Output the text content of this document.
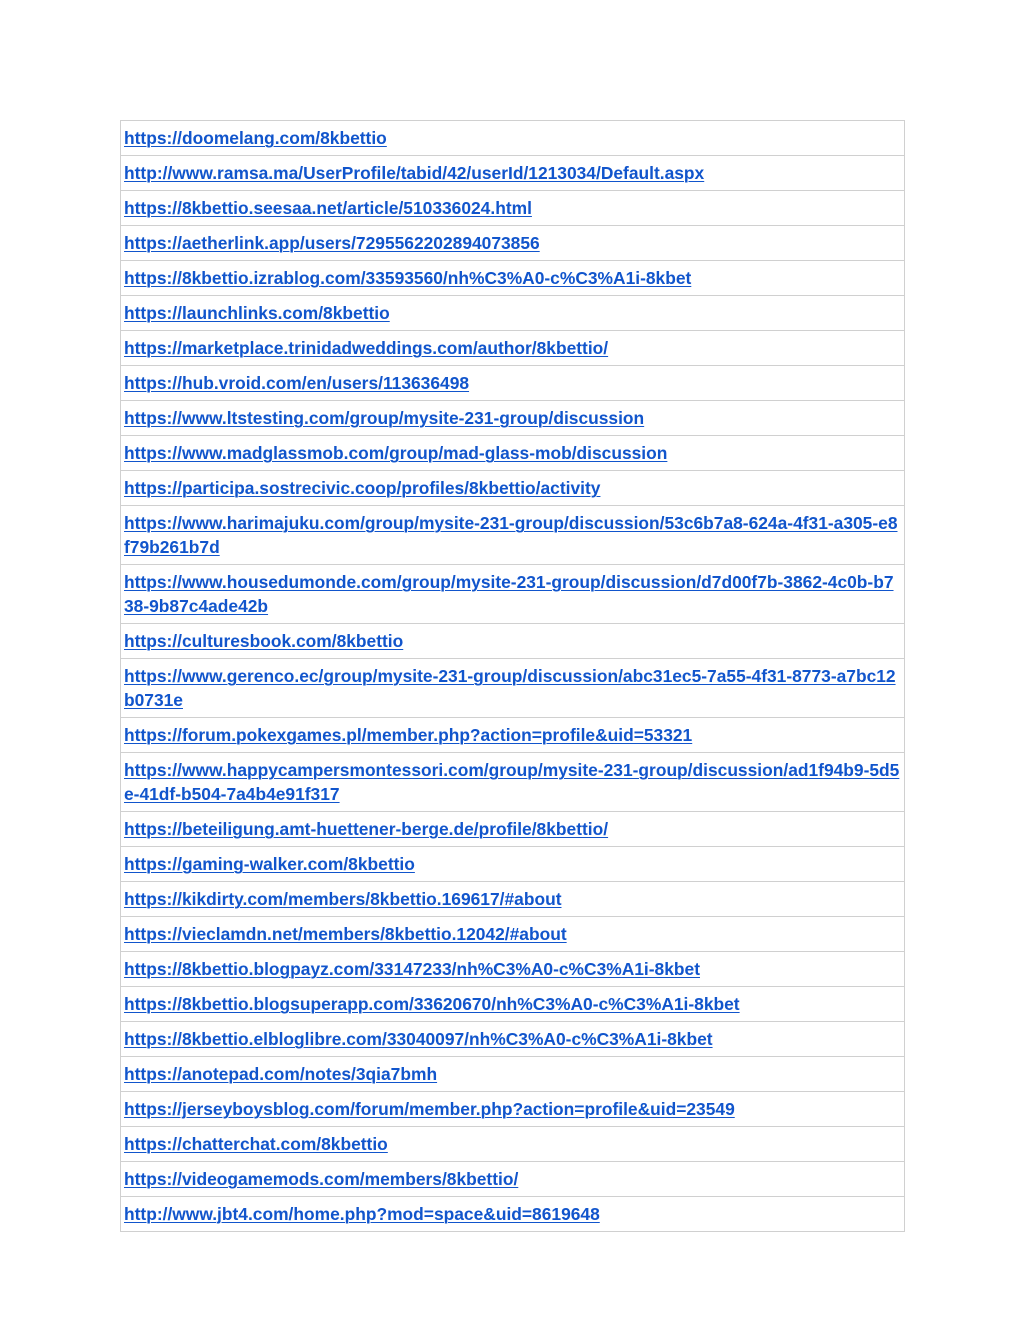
https://doomelang.com/8kbettio
http://www.ramsa.ma/UserProfile/tabid/42/userId/1213034/Default.aspx
https://8kbettio.seesaa.net/article/510336024.html
https://aetherlink.app/users/7295562202894073856
https://8kbettio.izrablog.com/33593560/nh%C3%A0-c%C3%A1i-8kbet
https://launchlinks.com/8kbettio
https://marketplace.trinidadweddings.com/author/8kbettio/
https://hub.vroid.com/en/users/113636498
https://www.ltstesting.com/group/mysite-231-group/discussion
https://www.madglassmob.com/group/mad-glass-mob/discussion
https://participa.sostrecivic.coop/profiles/8kbettio/activity
https://www.harimajuku.com/group/mysite-231-group/discussion/53c6b7a8-624a-4f31-a305-e8f79b261b7d
https://www.housedumonde.com/group/mysite-231-group/discussion/d7d00f7b-3862-4c0b-b738-9b87c4ade42b
https://culturesbook.com/8kbettio
https://www.gerenco.ec/group/mysite-231-group/discussion/abc31ec5-7a55-4f31-8773-a7bc12b0731e
https://forum.pokexgames.pl/member.php?action=profile&uid=53321
https://www.happycampersmontessori.com/group/mysite-231-group/discussion/ad1f94b9-5d5e-41df-b504-7a4b4e91f317
https://beteiligung.amt-huettener-berge.de/profile/8kbettio/
https://gaming-walker.com/8kbettio
https://kikdirty.com/members/8kbettio.169617/#about
https://vieclamdn.net/members/8kbettio.12042/#about
https://8kbettio.blogpayz.com/33147233/nh%C3%A0-c%C3%A1i-8kbet
https://8kbettio.blogsuperapp.com/33620670/nh%C3%A0-c%C3%A1i-8kbet
https://8kbettio.elbloglibre.com/33040097/nh%C3%A0-c%C3%A1i-8kbet
https://anotepad.com/notes/3qia7bmh
https://jerseyboysblog.com/forum/member.php?action=profile&uid=23549
https://chatterchat.com/8kbettio
https://videogamemods.com/members/8kbettio/
http://www.jbt4.com/home.php?mod=space&uid=8619648
